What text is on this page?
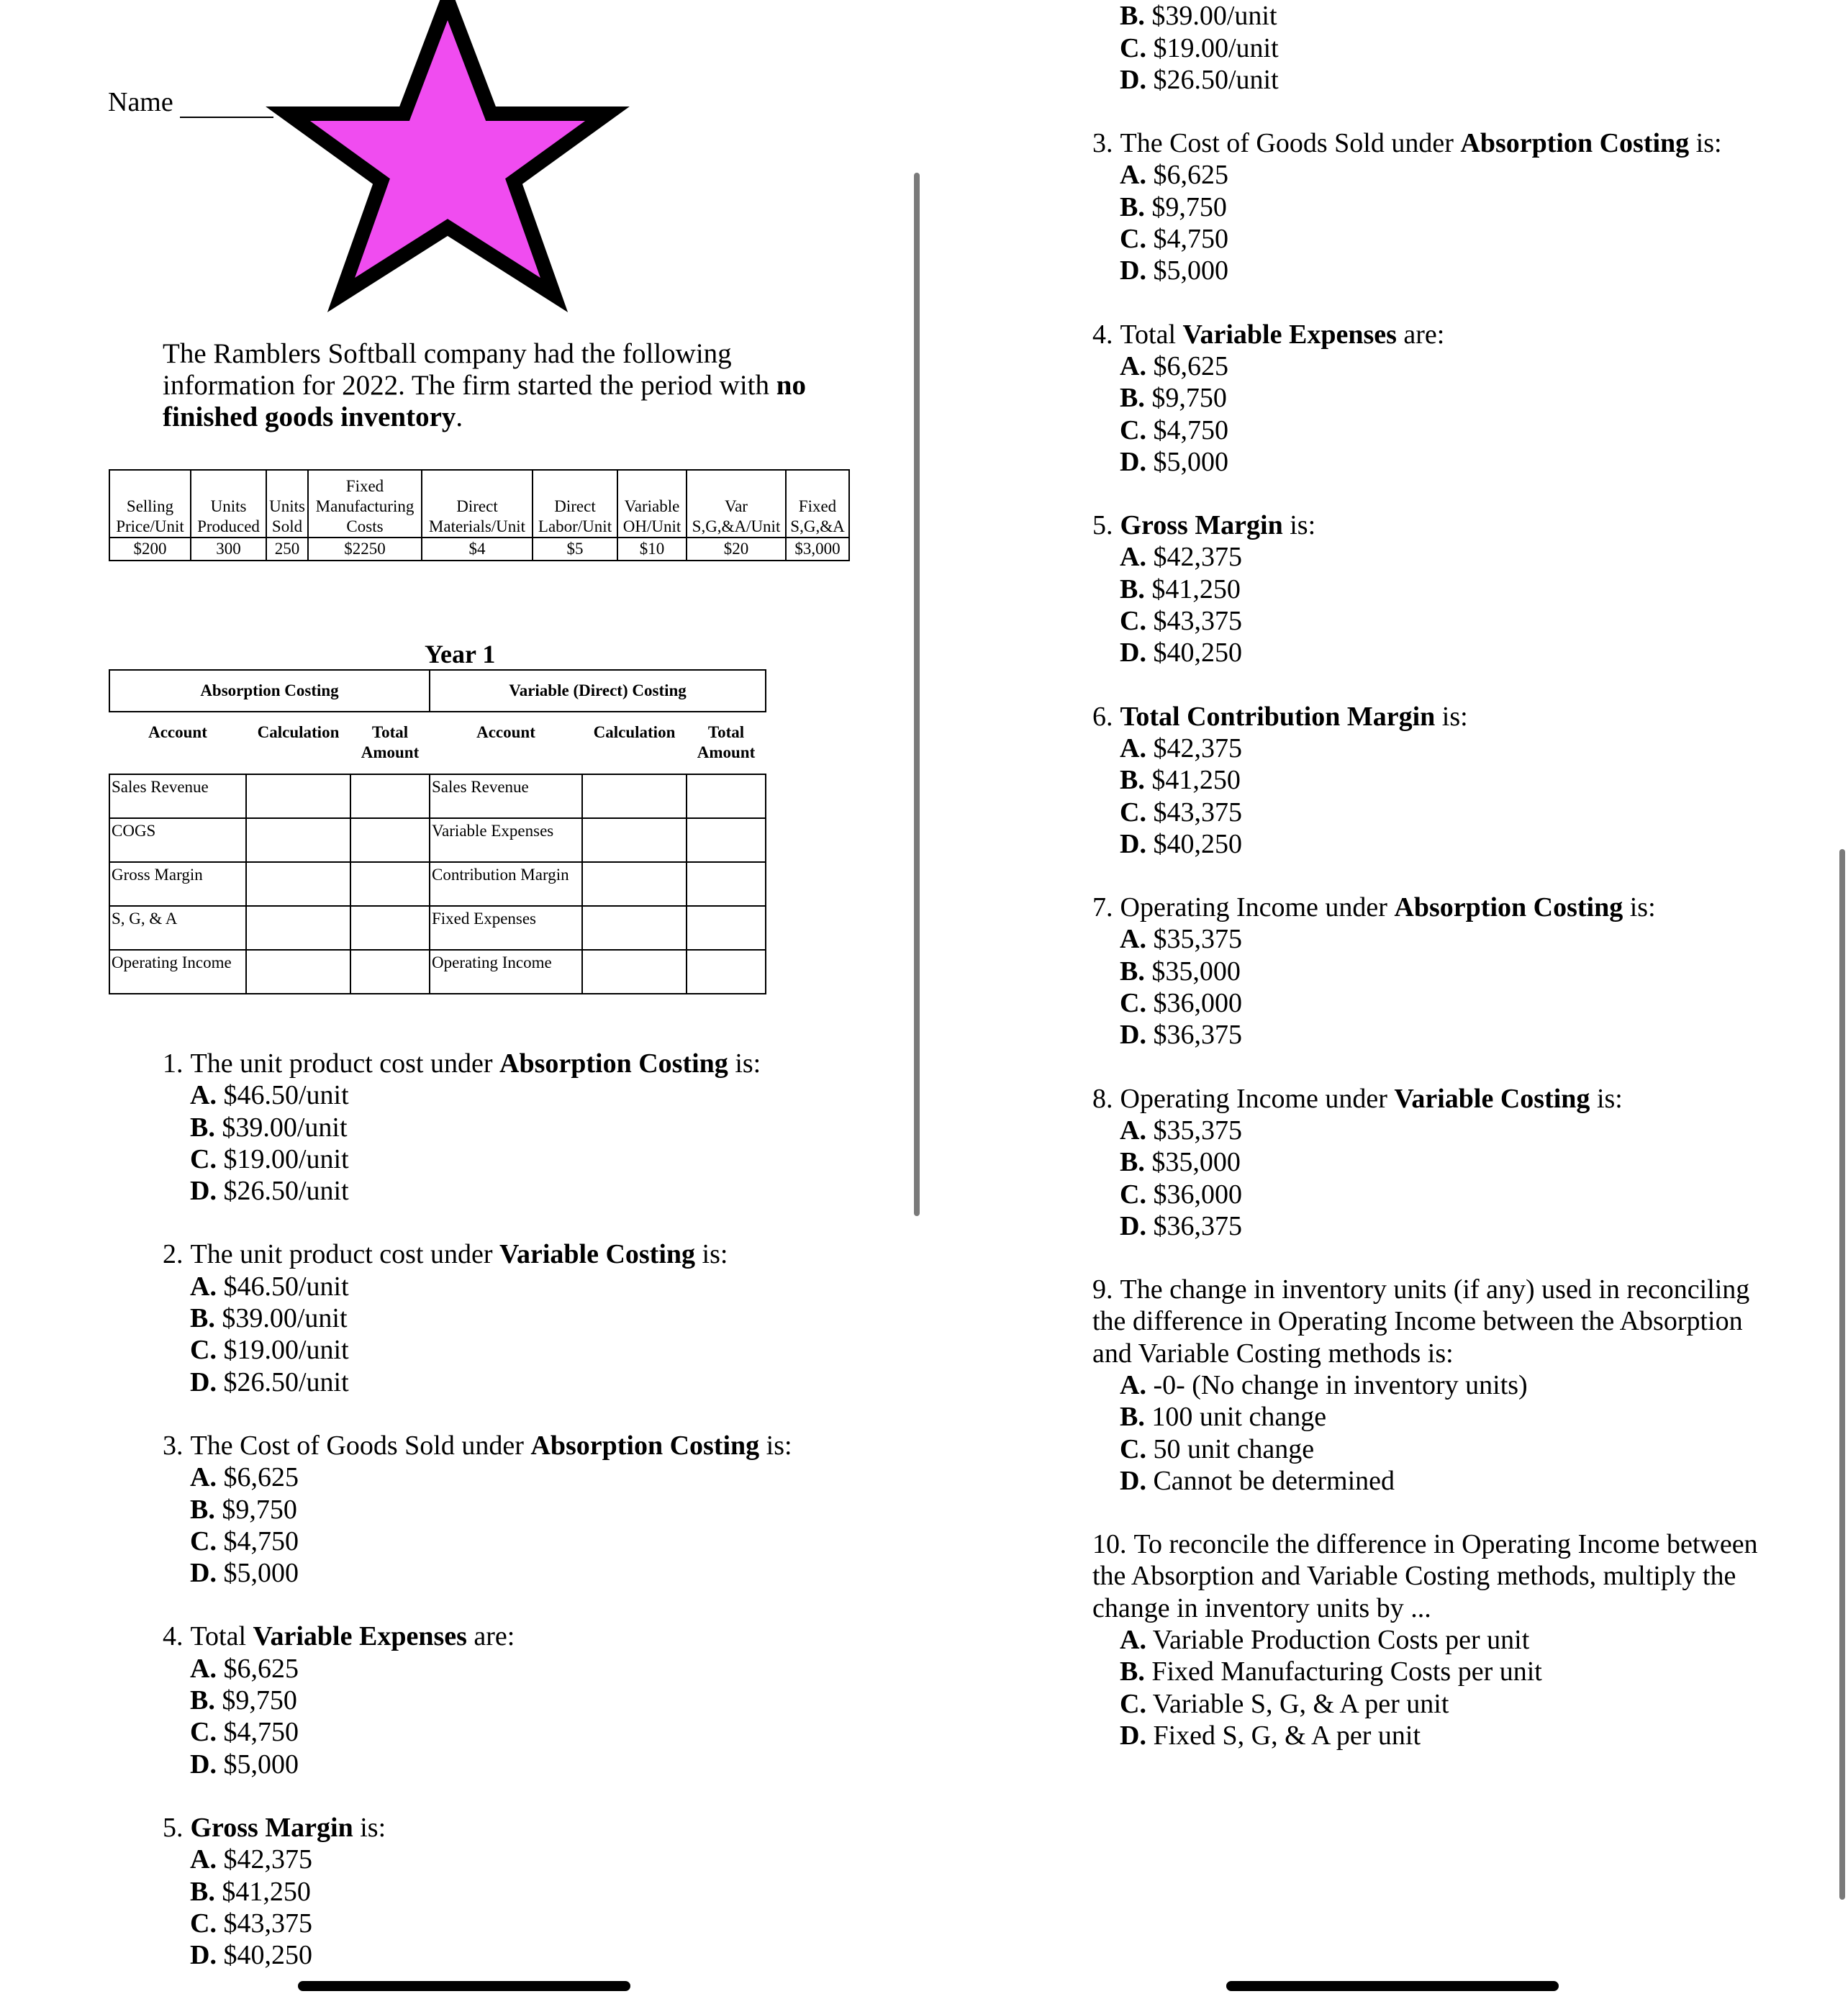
Name
The Ramblers Softball company had the following information for 2022. The firm started the period with no finished goods inventory.
Selling Price/Unit	Units Produced	Units Sold	Fixed Manufacturing Costs	Direct Materials/Unit	Direct Labor/Unit	Variable OH/Unit	Var S,G,&A/Unit	Fixed S,G,&A
$200	300	250	$2250	$4	$5	$10	$20	$3,000
Year 1
Absorption Costing			Variable (Direct) Costing		
Account	Calculation	Total Amount	Account	Calculation	Total Amount
Sales Revenue			Sales Revenue		
COGS			Variable Expenses		
Gross Margin			Contribution Margin		
S, G, & A			Fixed Expenses		
Operating Income			Operating Income		
1. The unit product cost under Absorption Costing is:
A. $46.50/unit
B. $39.00/unit
C. $19.00/unit
D. $26.50/unit
2. The unit product cost under Variable Costing is:
A. $46.50/unit
B. $39.00/unit
C. $19.00/unit
D. $26.50/unit
3. The Cost of Goods Sold under Absorption Costing is:
A. $6,625
B. $9,750
C. $4,750
D. $5,000
4. Total Variable Expenses are:
A. $6,625
B. $9,750
C. $4,750
D. $5,000
5. Gross Margin is:
A. $42,375
B. $41,250
C. $43,375
D. $40,250
B. $39.00/unit
C. $19.00/unit
D. $26.50/unit
3. The Cost of Goods Sold under Absorption Costing is:
A. $6,625
B. $9,750
C. $4,750
D. $5,000
4. Total Variable Expenses are:
A. $6,625
B. $9,750
C. $4,750
D. $5,000
5. Gross Margin is:
A. $42,375
B. $41,250
C. $43,375
D. $40,250
6. Total Contribution Margin is:
A. $42,375
B. $41,250
C. $43,375
D. $40,250
7. Operating Income under Absorption Costing is:
A. $35,375
B. $35,000
C. $36,000
D. $36,375
8. Operating Income under Variable Costing is:
A. $35,375
B. $35,000
C. $36,000
D. $36,375
9. The change in inventory units (if any) used in reconciling the difference in Operating Income between the Absorption and Variable Costing methods is:
A. -0- (No change in inventory units)
B. 100 unit change
C. 50 unit change
D. Cannot be determined
10. To reconcile the difference in Operating Income between the Absorption and Variable Costing methods, multiply the change in inventory units by ...
A. Variable Production Costs per unit
B. Fixed Manufacturing Costs per unit
C. Variable S, G, & A per unit
D. Fixed S, G, & A per unit
